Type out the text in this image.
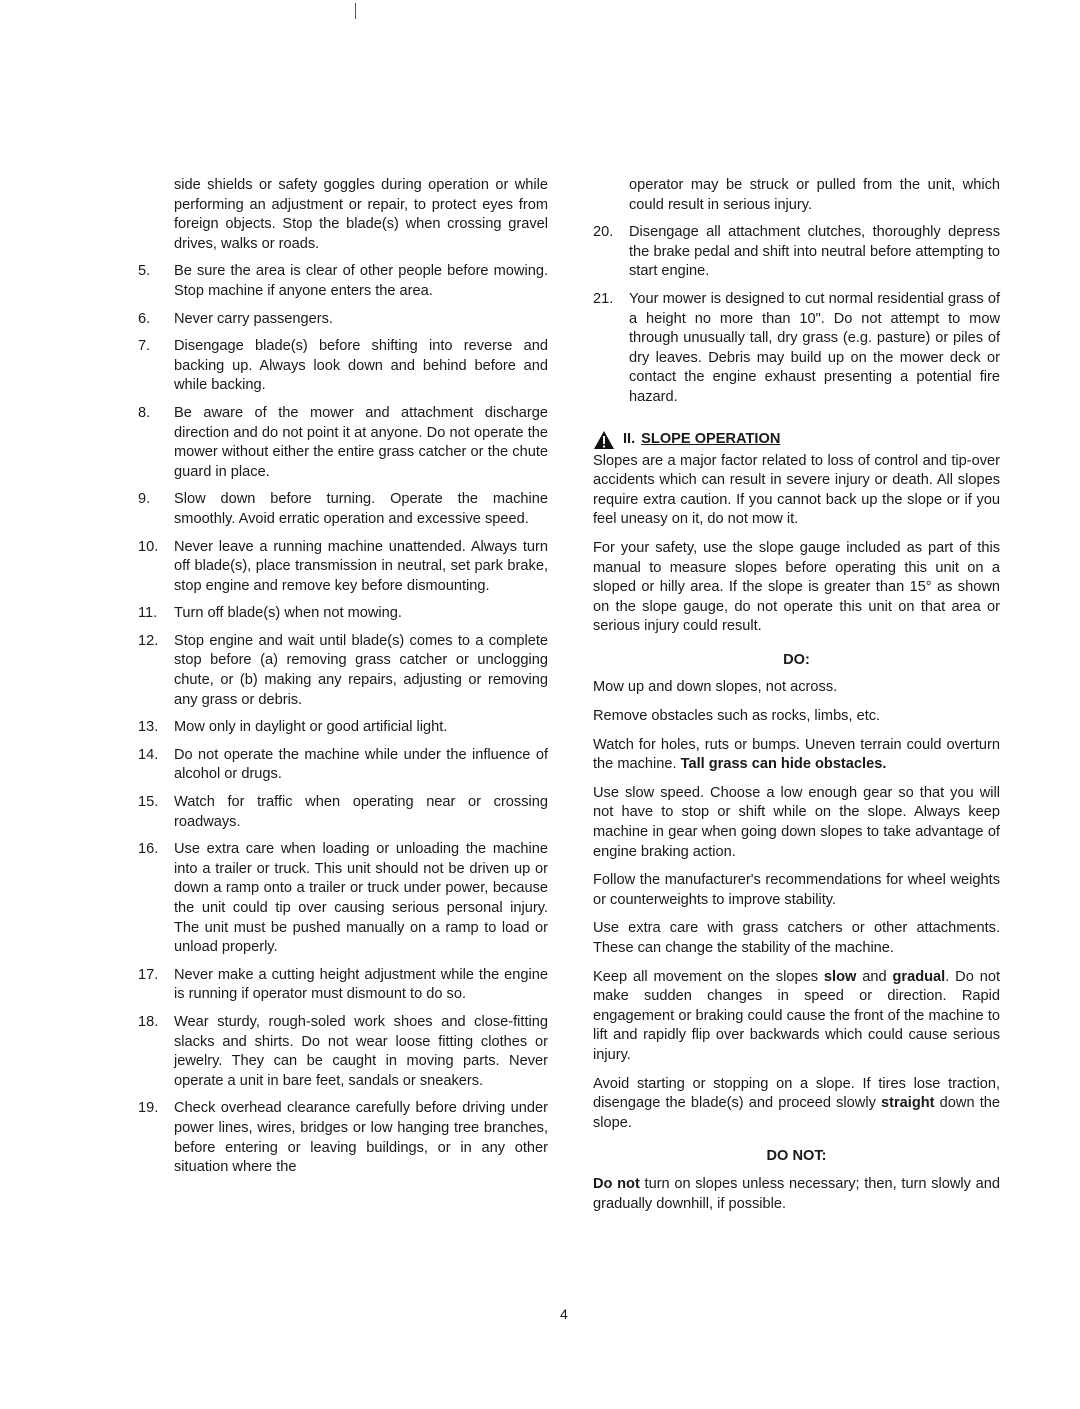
side shields or safety goggles during operation or while performing an adjustment or repair, to protect eyes from foreign objects. Stop the blade(s) when crossing gravel drives, walks or roads.

5.	Be sure the area is clear of other people before mowing. Stop machine if anyone enters the area.
6.	Never carry passengers.
7.	Disengage blade(s) before shifting into reverse and backing up. Always look down and behind before and while backing.
8.	Be aware of the mower and attachment discharge direction and do not point it at anyone. Do not operate the mower without either the entire grass catcher or the chute guard in place.
9.	Slow down before turning. Operate the machine smoothly. Avoid erratic operation and excessive speed.
10.	Never leave a running machine unattended. Always turn off blade(s), place transmission in neutral, set park brake, stop engine and remove key before dismounting.
11.	Turn off blade(s) when not mowing.
12.	Stop engine and wait until blade(s) comes to a complete stop before (a) removing grass catcher or unclogging chute, or (b) making any repairs, adjusting or removing any grass or debris.
13.	Mow only in daylight or good artificial light.
14.	Do not operate the machine while under the influence of alcohol or drugs.
15.	Watch for traffic when operating near or crossing roadways.
16.	Use extra care when loading or unloading the machine into a trailer or truck. This unit should not be driven up or down a ramp onto a trailer or truck under power, because the unit could tip over causing serious personal injury. The unit must be pushed manually on a ramp to load or unload properly.
17.	Never make a cutting height adjustment while the engine is running if operator must dismount to do so.
18.	Wear sturdy, rough-soled work shoes and close-fitting slacks and shirts. Do not wear loose fitting clothes or jewelry. They can be caught in moving parts. Never operate a unit in bare feet, sandals or sneakers.
19.	Check overhead clearance carefully before driving under power lines, wires, bridges or low hanging tree branches, before entering or leaving buildings, or in any other situation where the

operator may be struck or pulled from the unit, which could result in serious injury.

20.	Disengage all attachment clutches, thoroughly depress the brake pedal and shift into neutral before attempting to start engine.
21.	Your mower is designed to cut normal residential grass of a height no more than 10". Do not attempt to mow through unusually tall, dry grass (e.g. pasture) or piles of dry leaves. Debris may build up on the mower deck or contact the engine exhaust presenting a potential fire hazard.
II. SLOPE OPERATION

Slopes are a major factor related to loss of control and tip-over accidents which can result in severe injury or death. All slopes require extra caution. If you cannot back up the slope or if you feel uneasy on it, do not mow it.

For your safety, use the slope gauge included as part of this manual to measure slopes before operating this unit on a sloped or hilly area. If the slope is greater than 15° as shown on the slope gauge, do not operate this unit on that area or serious injury could result.

DO:

Mow up and down slopes, not across.

Remove obstacles such as rocks, limbs, etc.

Watch for holes, ruts or bumps. Uneven terrain could overturn the machine. Tall grass can hide obstacles.

Use slow speed. Choose a low enough gear so that you will not have to stop or shift while on the slope. Always keep machine in gear when going down slopes to take advantage of engine braking action.

Follow the manufacturer's recommendations for wheel weights or counterweights to improve stability.

Use extra care with grass catchers or other attachments. These can change the stability of the machine.

Keep all movement on the slopes slow and gradual. Do not make sudden changes in speed or direction. Rapid engagement or braking could cause the front of the machine to lift and rapidly flip over backwards which could cause serious injury.

Avoid starting or stopping on a slope. If tires lose traction, disengage the blade(s) and proceed slowly straight down the slope.

DO NOT:

Do not turn on slopes unless necessary; then, turn slowly and gradually downhill, if possible.

4
